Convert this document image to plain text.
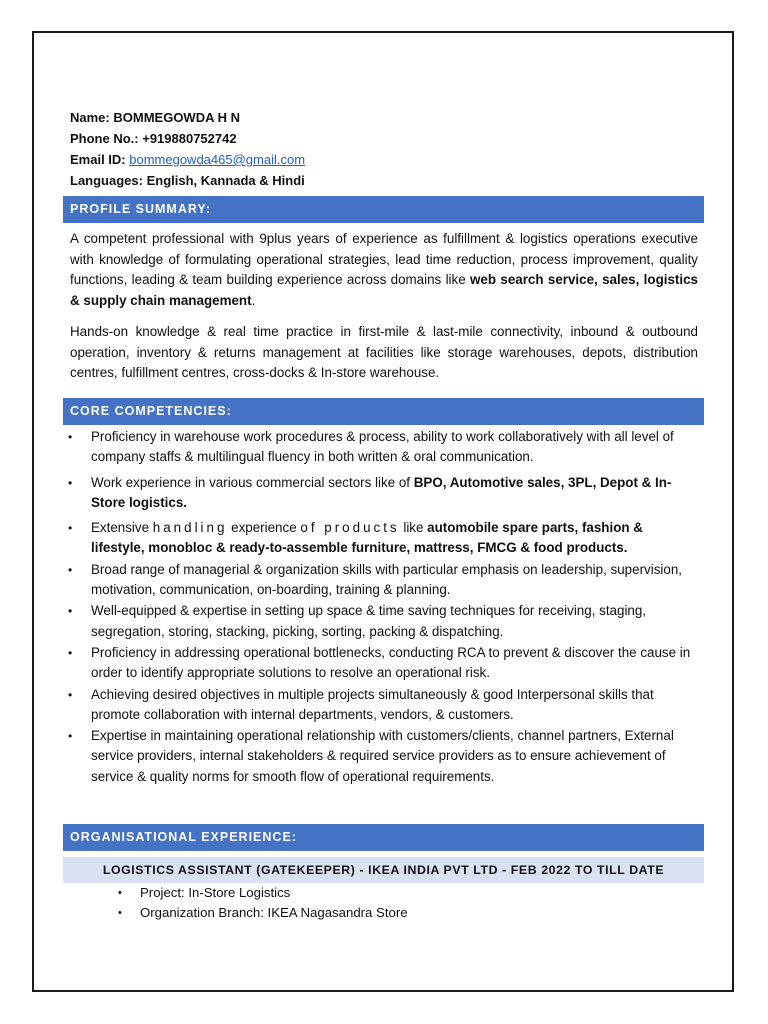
Name: BOMMEGOWDA H N
Phone No.: +919880752742
Email ID: bommegowda465@gmail.com
Languages: English, Kannada & Hindi
PROFILE SUMMARY:
A competent professional with 9plus years of experience as fulfillment & logistics operations executive with knowledge of formulating operational strategies, lead time reduction, process improvement, quality functions, leading & team building experience across domains like web search service, sales, logistics & supply chain management.
Hands-on knowledge & real time practice in first-mile & last-mile connectivity, inbound & outbound operation, inventory & returns management at facilities like storage warehouses, depots, distribution centres, fulfillment centres, cross-docks & In-store warehouse.
CORE COMPETENCIES:
• Proficiency in warehouse work procedures & process, ability to work collaboratively with all level of company staffs & multilingual fluency in both written & oral communication.
• Work experience in various commercial sectors like of BPO, Automotive sales, 3PL, Depot & In-Store logistics.
• Extensive handling experience of products like automobile spare parts, fashion & lifestyle, monobloc & ready-to-assemble furniture, mattress, FMCG & food products.
• Broad range of managerial & organization skills with particular emphasis on leadership, supervision, motivation, communication, on-boarding, training & planning.
• Well-equipped & expertise in setting up space & time saving techniques for receiving, staging, segregation, storing, stacking, picking, sorting, packing & dispatching.
• Proficiency in addressing operational bottlenecks, conducting RCA to prevent & discover the cause in order to identify appropriate solutions to resolve an operational risk.
• Achieving desired objectives in multiple projects simultaneously & good Interpersonal skills that promote collaboration with internal departments, vendors, & customers.
• Expertise in maintaining operational relationship with customers/clients, channel partners, External service providers, internal stakeholders & required service providers as to ensure achievement of service & quality norms for smooth flow of operational requirements.
ORGANISATIONAL EXPERIENCE:
LOGISTICS ASSISTANT (GATEKEEPER) - IKEA INDIA PVT LTD - FEB 2022 TO TILL DATE
• Project: In-Store Logistics
• Organization Branch: IKEA Nagasandra Store
